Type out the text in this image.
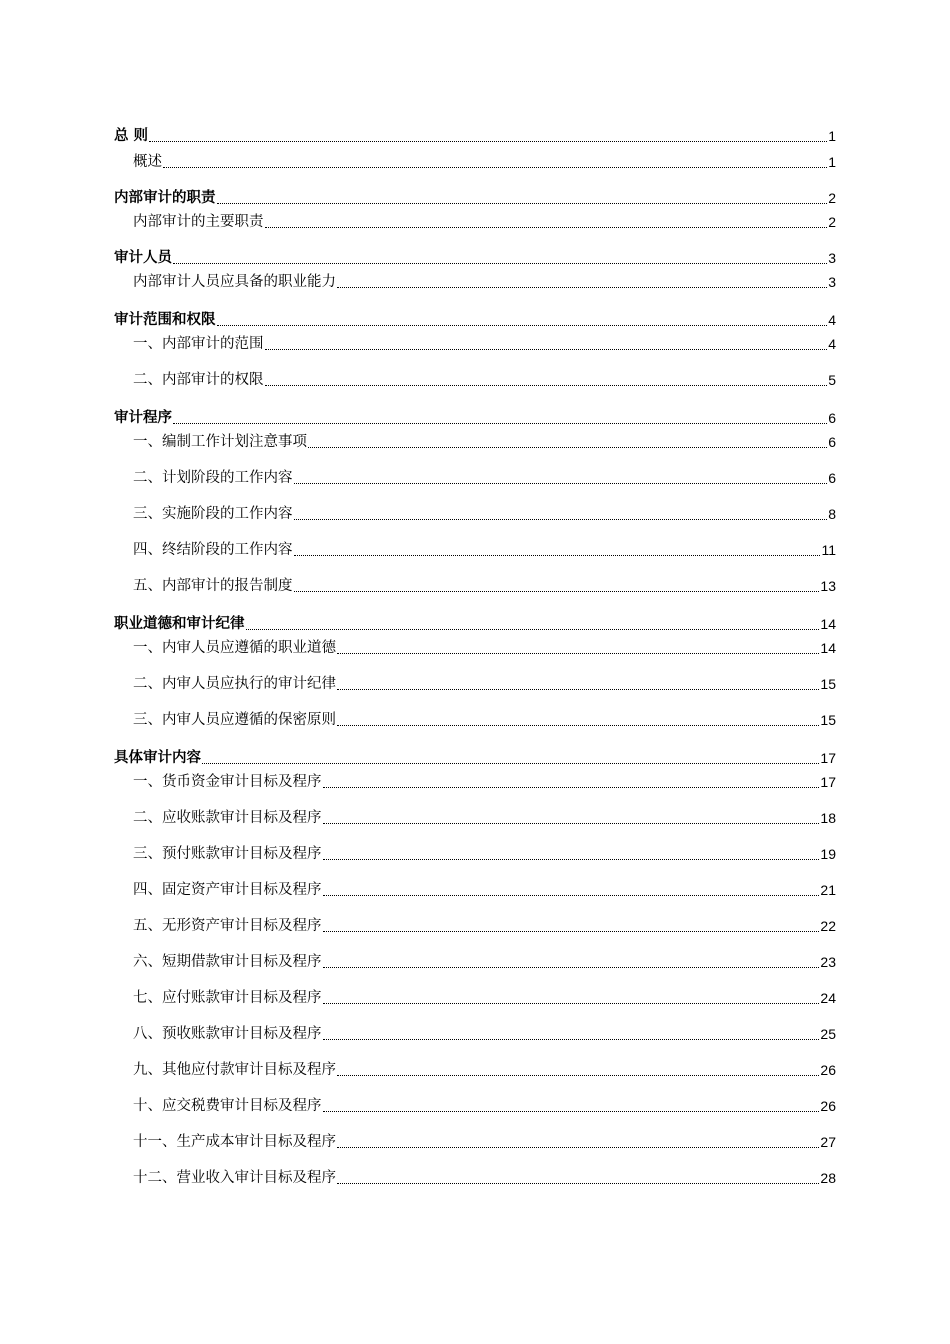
总 则	1
概述	1
内部审计的职责	2
内部审计的主要职责	2
审计人员	3
内部审计人员应具备的职业能力	3
审计范围和权限	4
一、内部审计的范围	4
二、内部审计的权限	5
审计程序	6
一、编制工作计划注意事项	6
二、计划阶段的工作内容	6
三、实施阶段的工作内容	8
四、终结阶段的工作内容	11
五、内部审计的报告制度	13
职业道德和审计纪律	14
一、内审人员应遵循的职业道德	14
二、内审人员应执行的审计纪律	15
三、内审人员应遵循的保密原则	15
具体审计内容	17
一、货币资金审计目标及程序	17
二、应收账款审计目标及程序	18
三、预付账款审计目标及程序	19
四、固定资产审计目标及程序	21
五、无形资产审计目标及程序	22
六、短期借款审计目标及程序	23
七、应付账款审计目标及程序	24
八、预收账款审计目标及程序	25
九、其他应付款审计目标及程序	26
十、应交税费审计目标及程序	26
十一、生产成本审计目标及程序	27
十二、营业收入审计目标及程序	28
